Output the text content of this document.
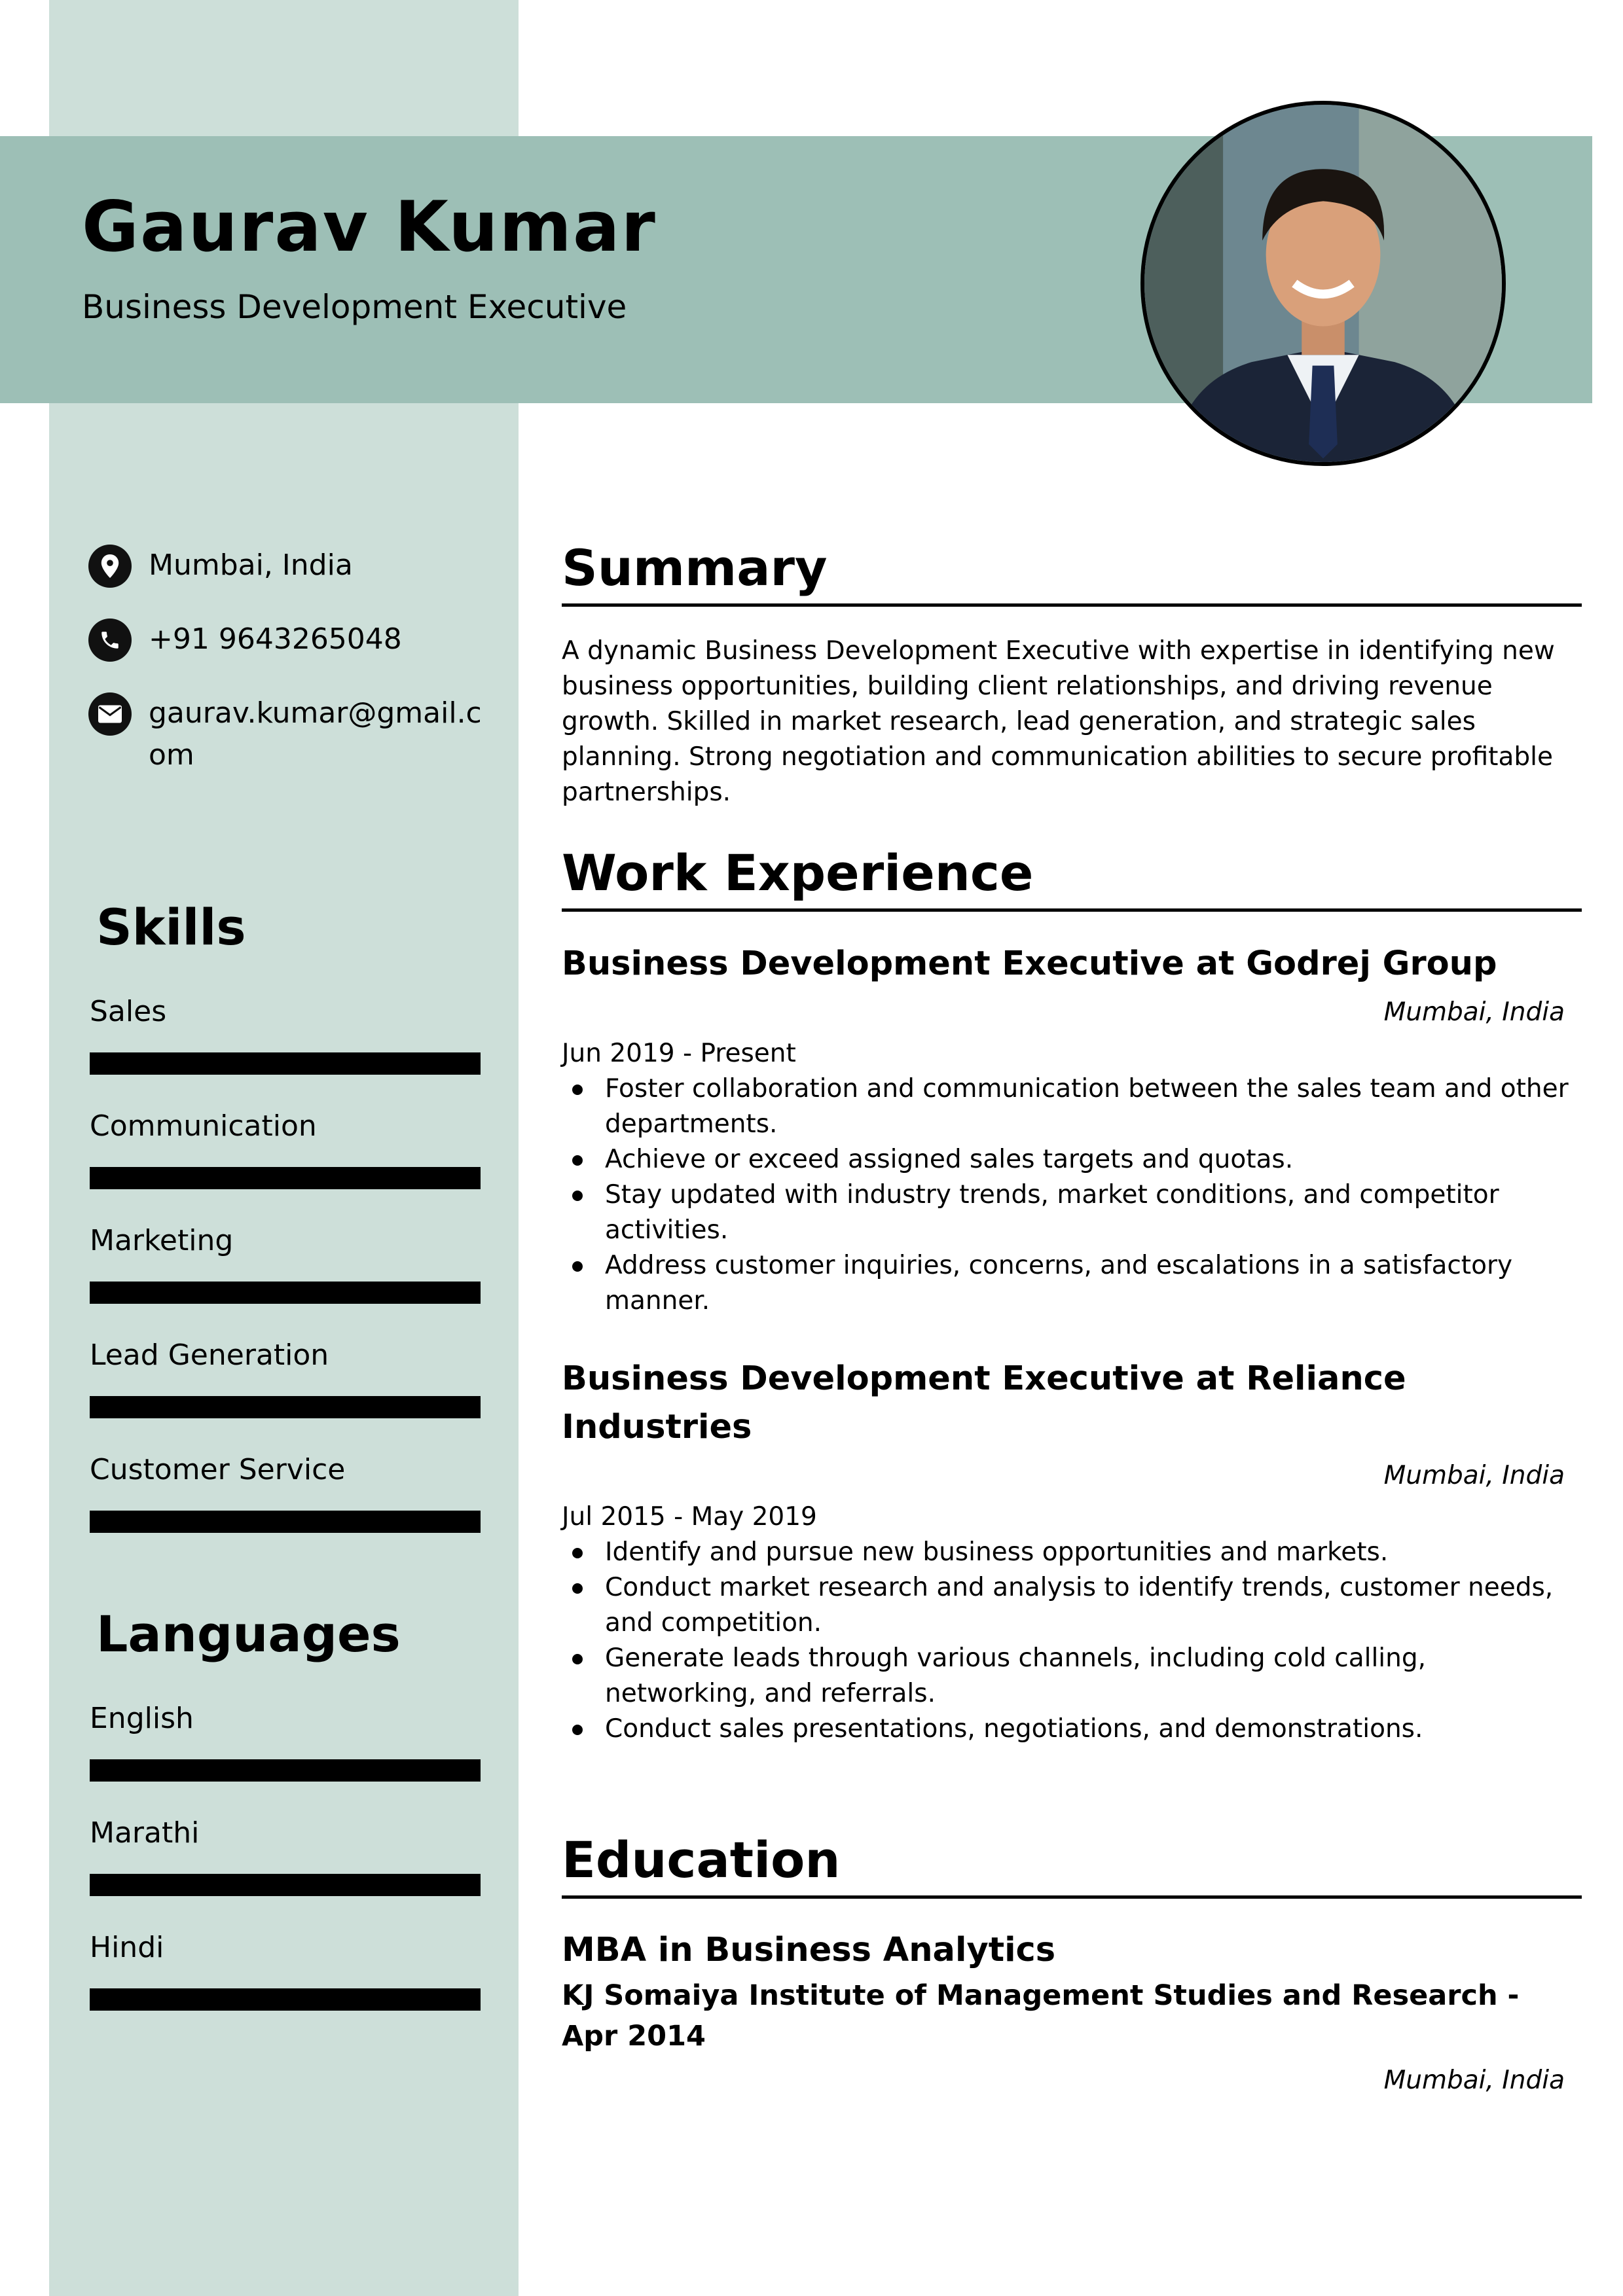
Gaurav Kumar
Business Development Executive
Mumbai, India
+91 9643265048
gaurav.kumar@gmail.com
Skills
Sales
Communication
Marketing
Lead Generation
Customer Service
Languages
English
Marathi
Hindi
Summary
A dynamic Business Development Executive with expertise in identifying new business opportunities, building client relationships, and driving revenue growth. Skilled in market research, lead generation, and strategic sales planning. Strong negotiation and communication abilities to secure profitable partnerships.
Work Experience
Business Development Executive at Godrej Group
Mumbai, India
Jun 2019 - Present
Foster collaboration and communication between the sales team and other departments.
Achieve or exceed assigned sales targets and quotas.
Stay updated with industry trends, market conditions, and competitor activities.
Address customer inquiries, concerns, and escalations in a satisfactory manner.
Business Development Executive at Reliance Industries
Mumbai, India
Jul 2015 - May 2019
Identify and pursue new business opportunities and markets.
Conduct market research and analysis to identify trends, customer needs, and competition.
Generate leads through various channels, including cold calling, networking, and referrals.
Conduct sales presentations, negotiations, and demonstrations.
Education
MBA in Business Analytics
KJ Somaiya Institute of Management Studies and Research - Apr 2014
Mumbai, India
